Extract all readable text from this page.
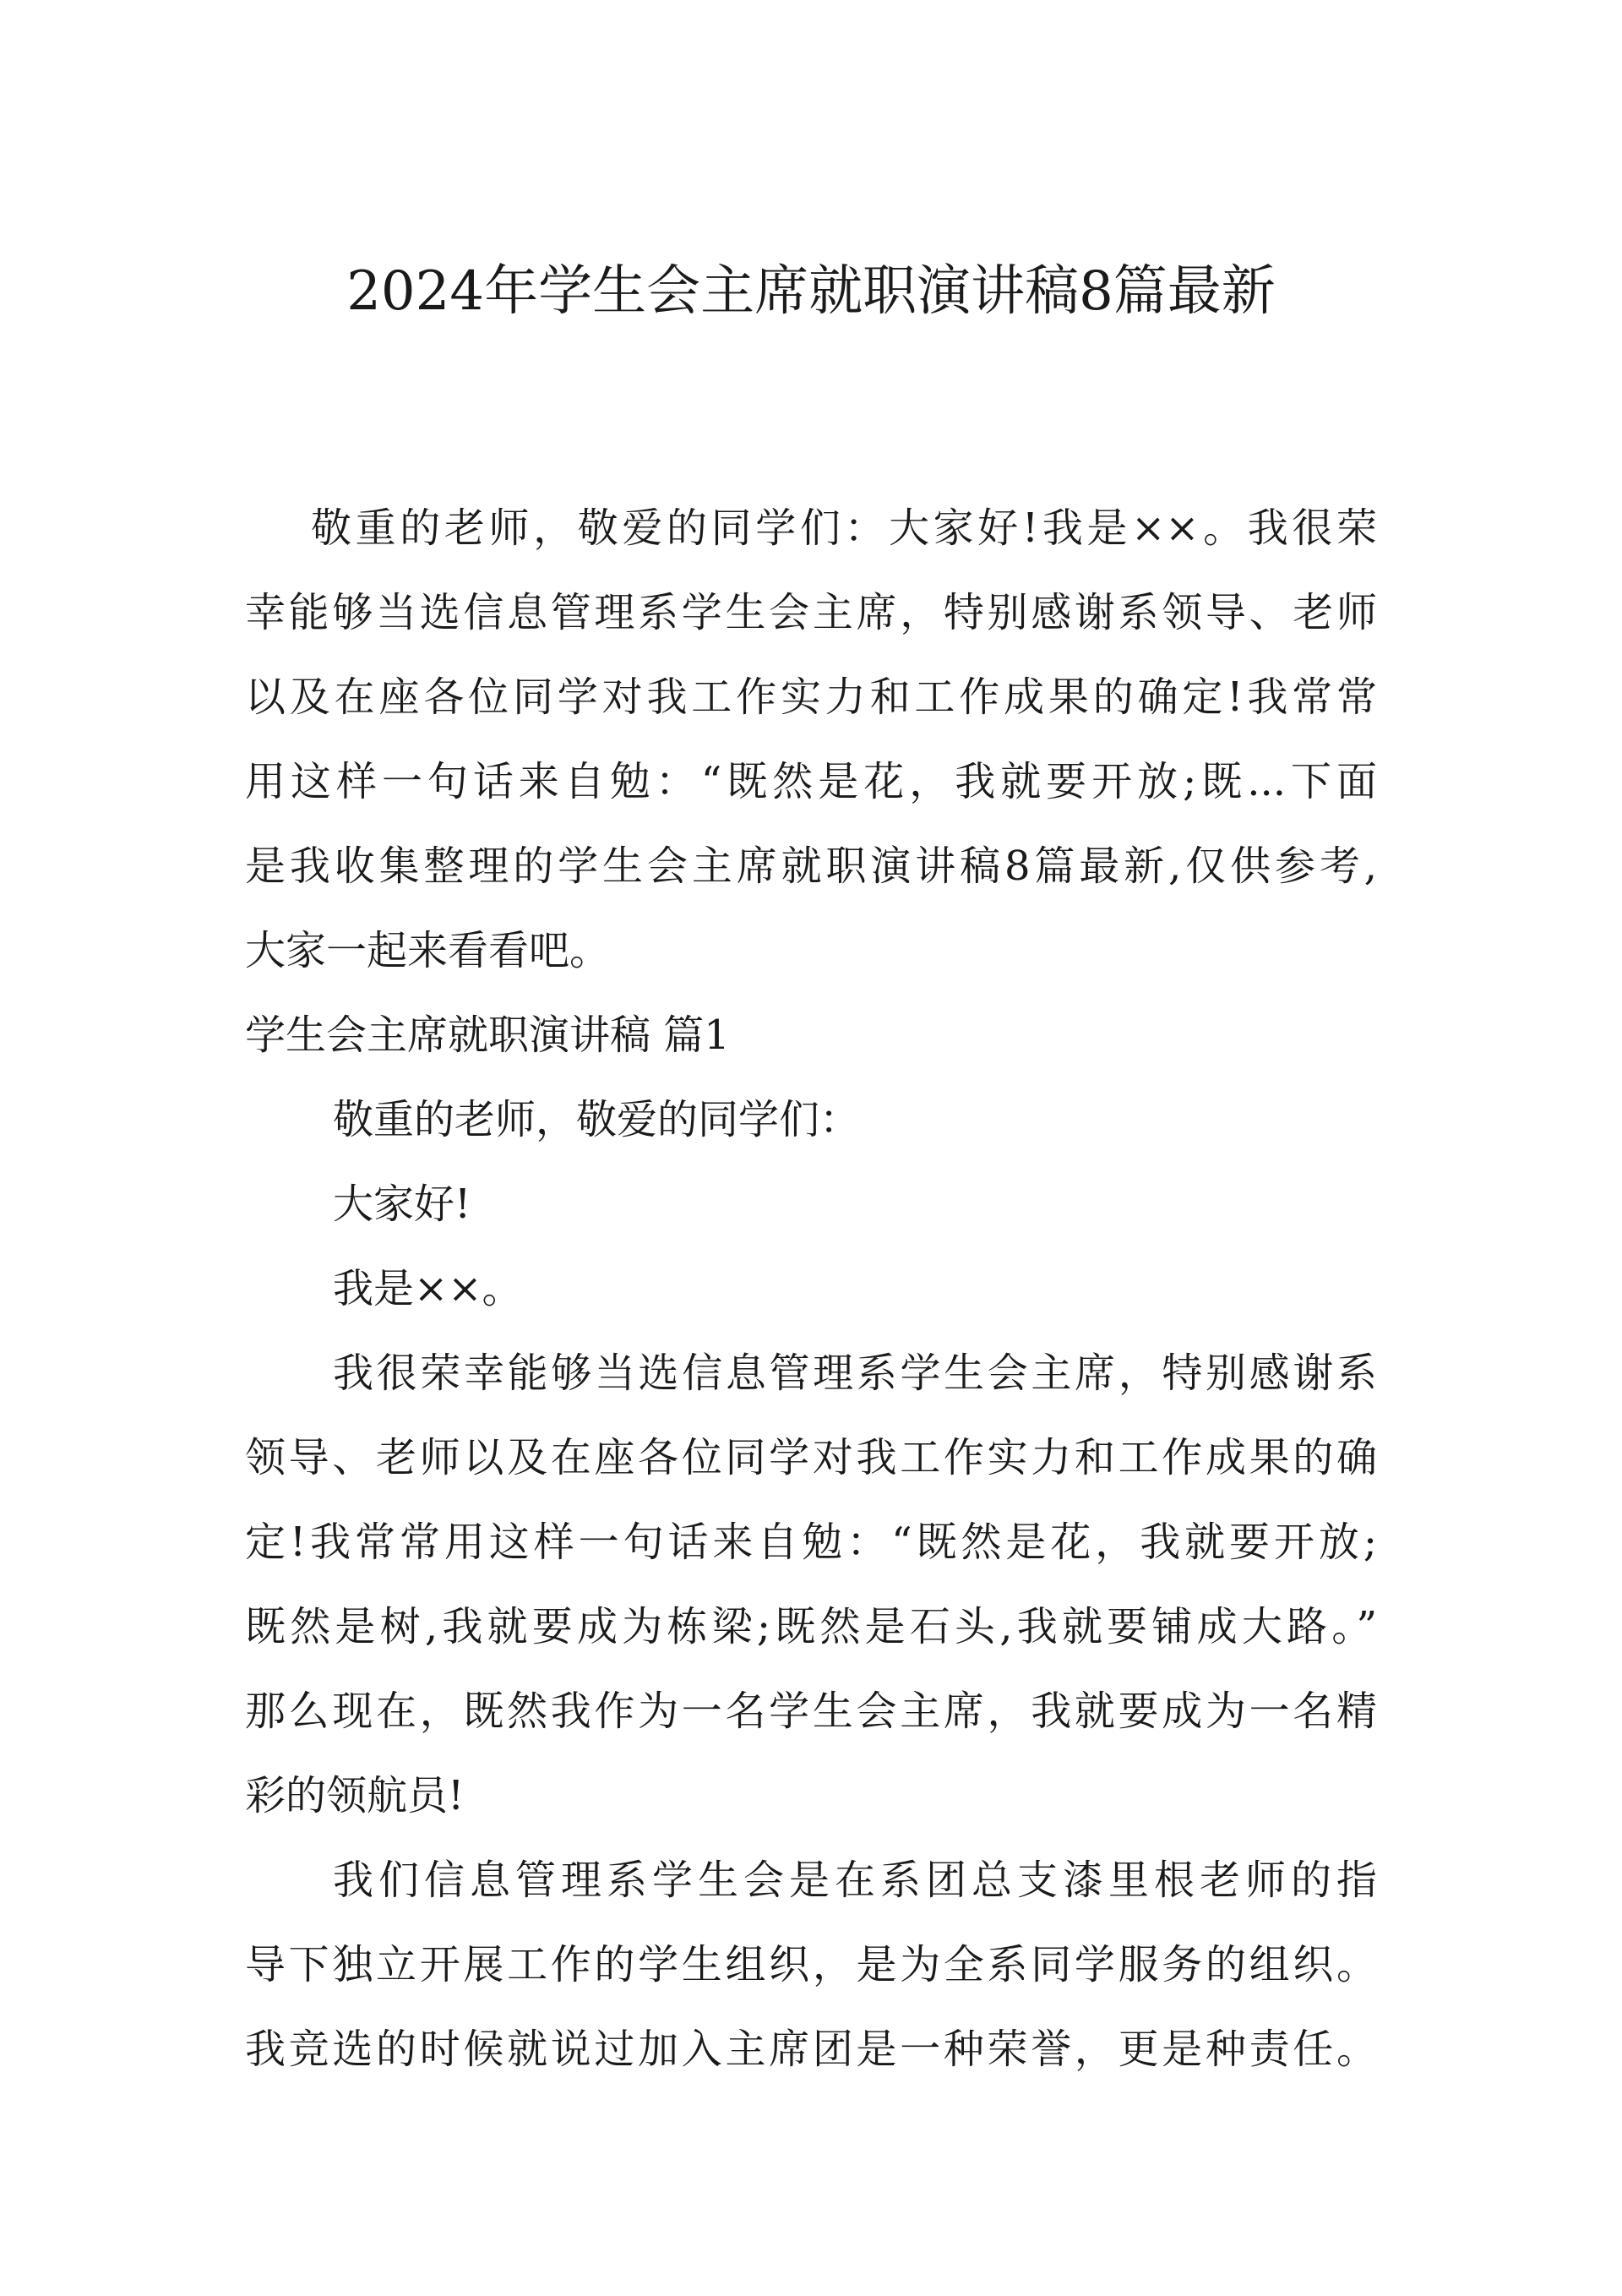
2024年学生会主席就职演讲稿8篇最新

敬重的老师，敬爱的同学们：大家好!我是××。我很荣

幸能够当选信息管理系学生会主席，特别感谢系领导、老师

以及在座各位同学对我工作实力和工作成果的确定!我常常

用这样一句话来自勉：“既然是花，我就要开放;既...下面

是我收集整理的学生会主席就职演讲稿8篇最新,仅供参考,

大家一起来看看吧。

学生会主席就职演讲稿 篇1

敬重的老师，敬爱的同学们：

大家好!

我是××。

我很荣幸能够当选信息管理系学生会主席，特别感谢系

领导、老师以及在座各位同学对我工作实力和工作成果的确

定!我常常用这样一句话来自勉：“既然是花，我就要开放;

既然是树,我就要成为栋梁;既然是石头,我就要铺成大路。”

那么现在，既然我作为一名学生会主席，我就要成为一名精

彩的领航员!

我们信息管理系学生会是在系团总支漆里根老师的指

导下独立开展工作的学生组织，是为全系同学服务的组织。

我竞选的时候就说过加入主席团是一种荣誉，更是种责任。
